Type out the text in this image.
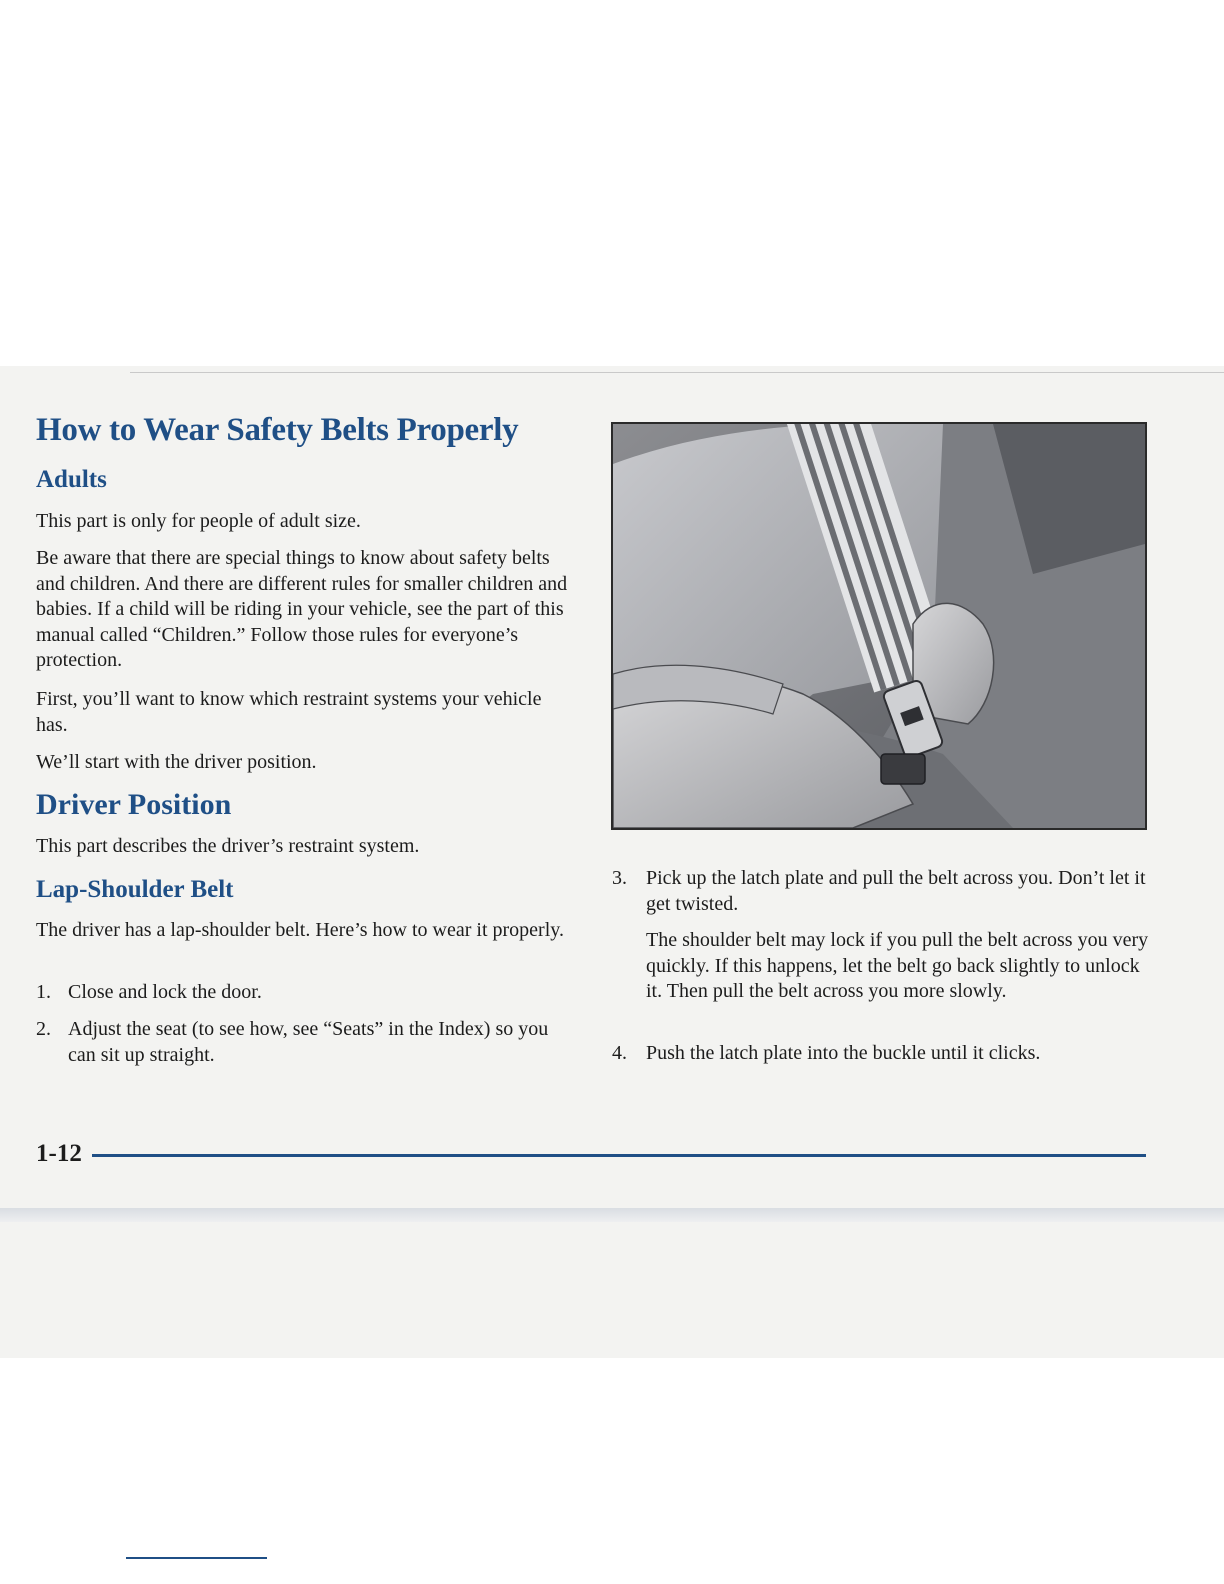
How to Wear Safety Belts Properly
Adults

This part is only for people of adult size.

Be aware that there are special things to know about safety belts and children. And there are different rules for smaller children and babies. If a child will be riding in your vehicle, see the part of this manual called “Children.” Follow those rules for everyone’s protection.

First, you’ll want to know which restraint systems your vehicle has.

We’ll start with the driver position.

Driver Position

This part describes the driver’s restraint system.

Lap-Shoulder Belt

The driver has a lap-shoulder belt. Here’s how to wear it properly.

1. Close and lock the door.
2. Adjust the seat (to see how, see “Seats” in the Index) so you can sit up straight.
3. Pick up the latch plate and pull the belt across you. Don’t let it get twisted.

The shoulder belt may lock if you pull the belt across you very quickly. If this happens, let the belt go back slightly to unlock it. Then pull the belt across you more slowly.

4. Push the latch plate into the buckle until it clicks.
1-12
